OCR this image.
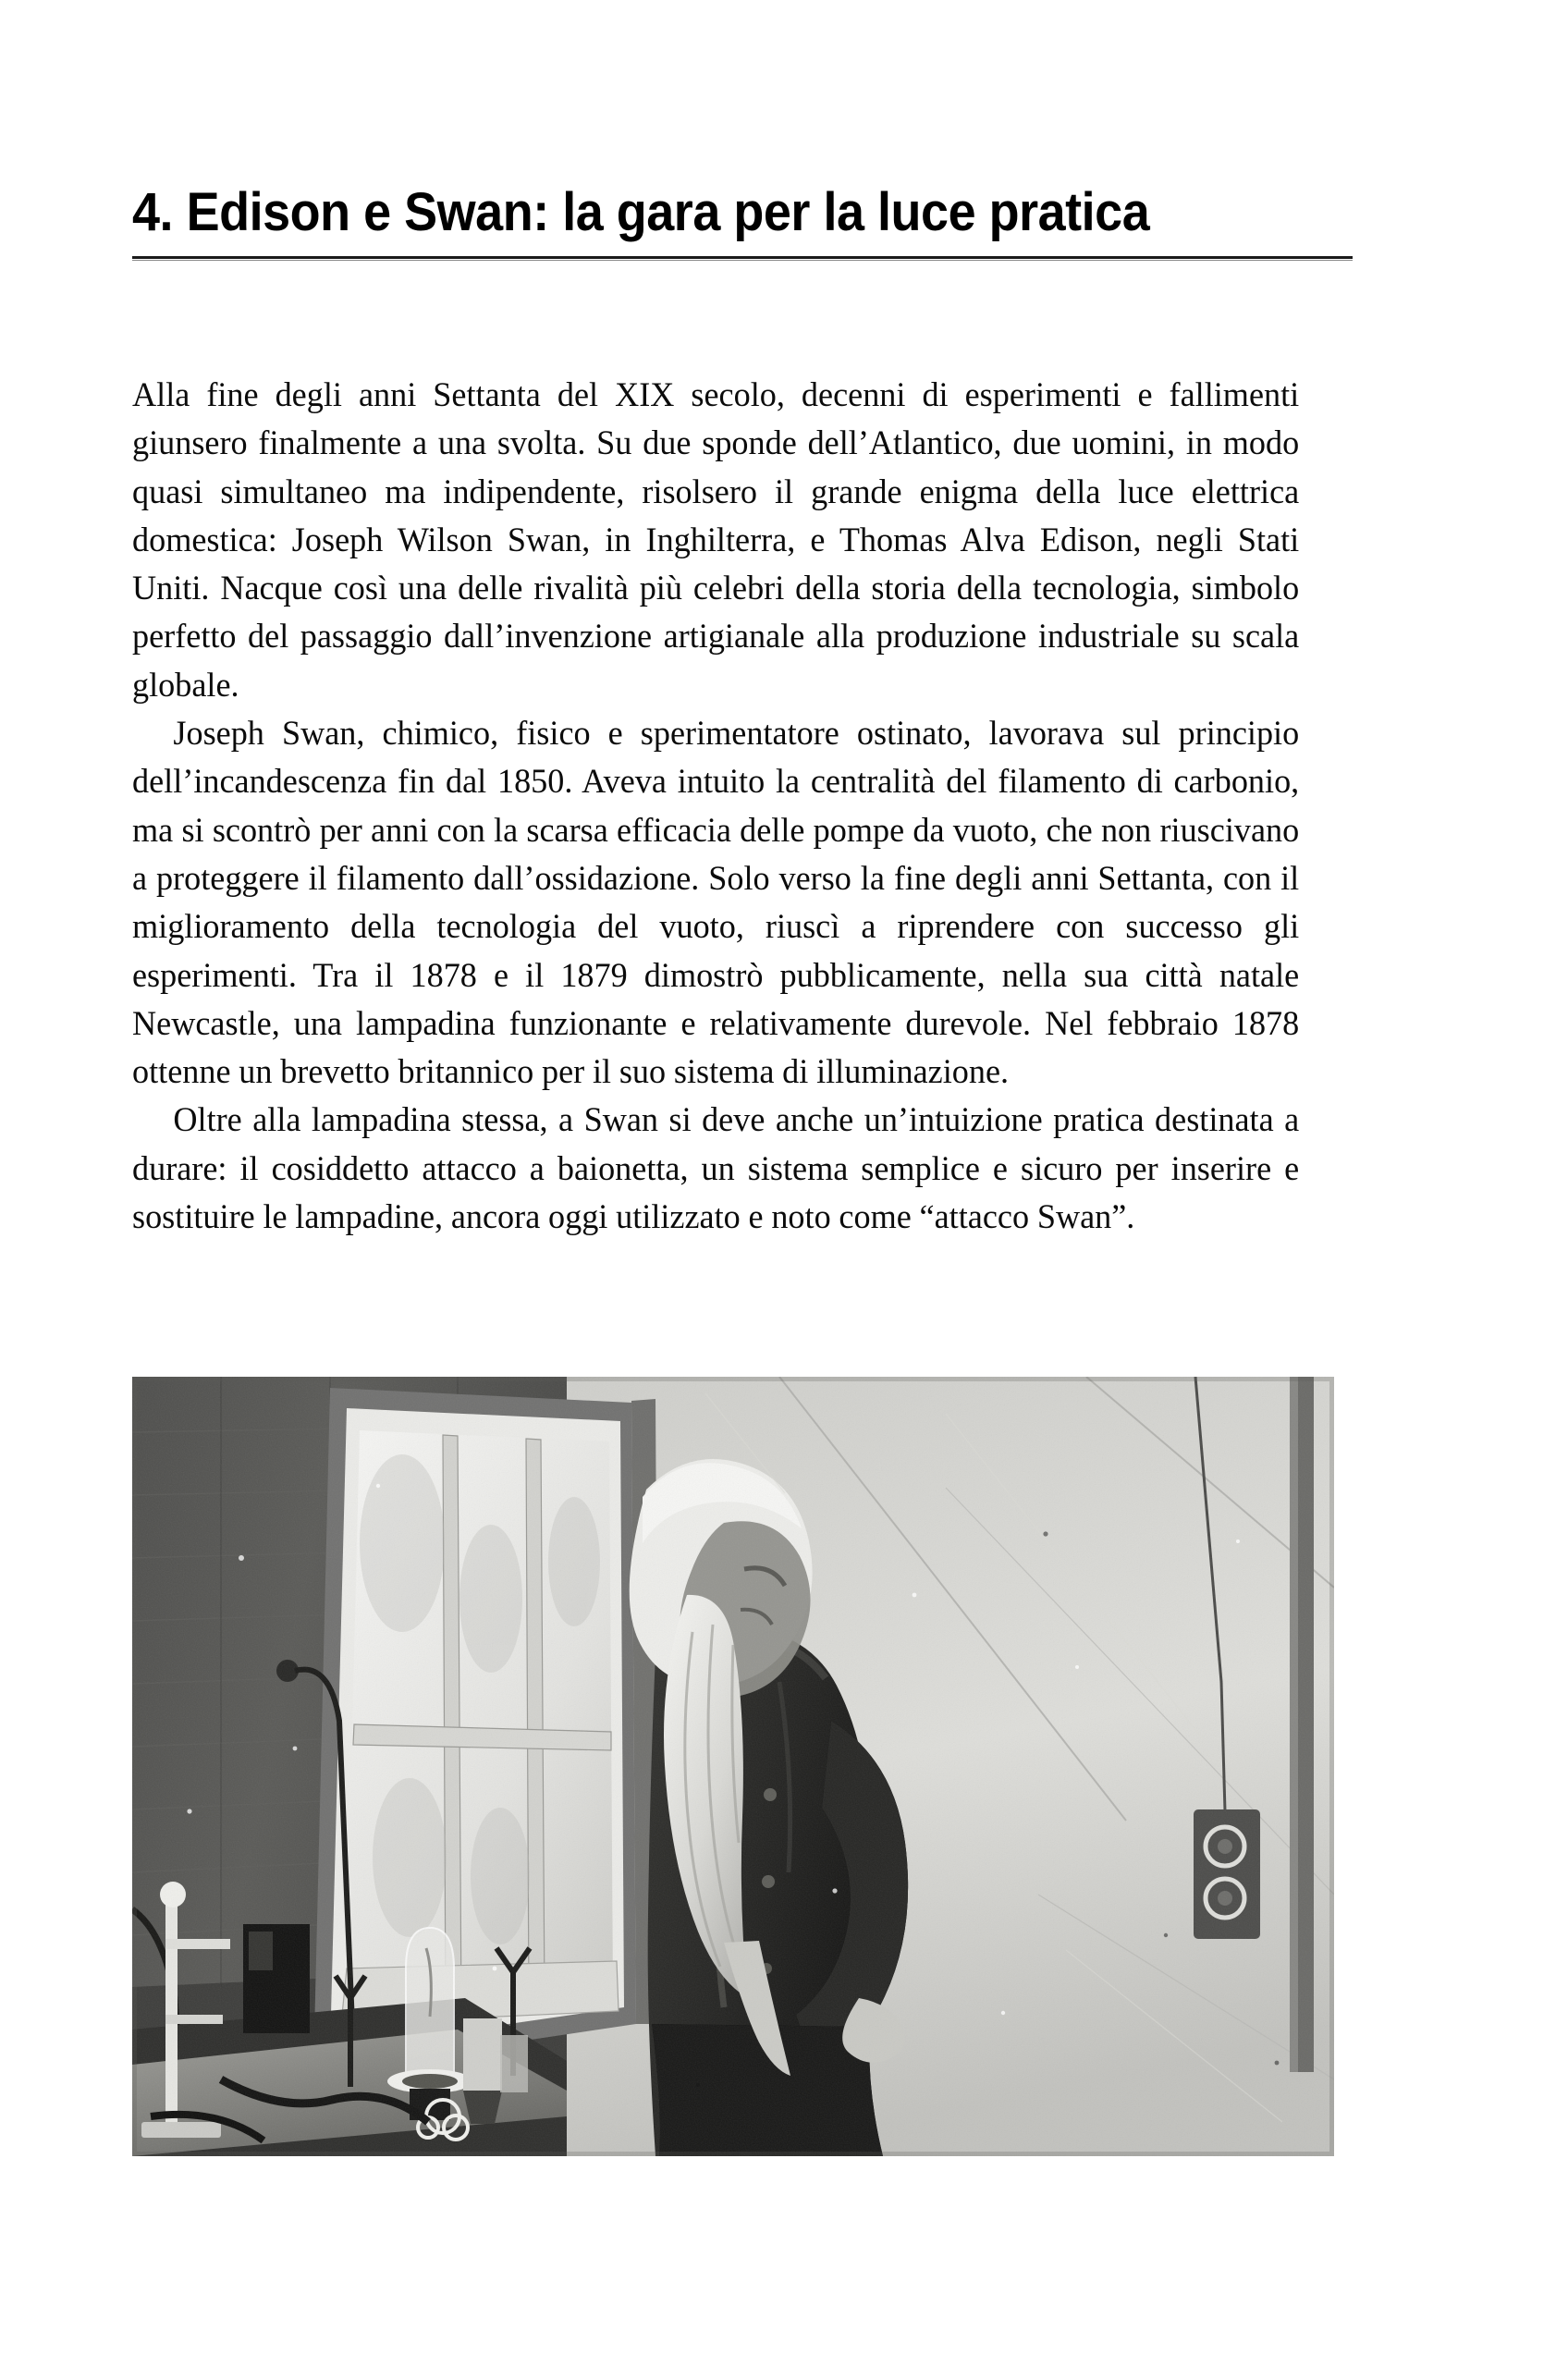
4. Edison e Swan: la gara per la luce pratica

Alla fine degli anni Settanta del XIX secolo, decenni di esperimenti e fallimenti giunsero finalmente a una svolta. Su due sponde dell’Atlantico, due uomini, in modo quasi simultaneo ma indipendente, risolsero il grande enigma della luce elettrica domestica: Joseph Wilson Swan, in Inghilterra, e Thomas Alva Edison, negli Stati Uniti. Nacque così una delle rivalità più celebri della storia della tecnologia, simbolo perfetto del passaggio dall’invenzione artigianale alla produzione industriale su scala globale.

Joseph Swan, chimico, fisico e sperimentatore ostinato, lavorava sul principio dell’incandescenza fin dal 1850. Aveva intuito la centralità del filamento di carbonio, ma si scontrò per anni con la scarsa efficacia delle pompe da vuoto, che non riuscivano a proteggere il filamento dall’ossidazione. Solo verso la fine degli anni Settanta, con il miglioramento della tecnologia del vuoto, riuscì a riprendere con successo gli esperimenti. Tra il 1878 e il 1879 dimostrò pubblicamente, nella sua città natale Newcastle, una lampadina funzionante e relativamente durevole. Nel febbraio 1878 ottenne un brevetto britannico per il suo sistema di illuminazione.

Oltre alla lampadina stessa, a Swan si deve anche un’intuizione pratica destinata a durare: il cosiddetto attacco a baionetta, un sistema semplice e sicuro per inserire e sostituire le lampadine, ancora oggi utilizzato e noto come “attacco Swan”.
